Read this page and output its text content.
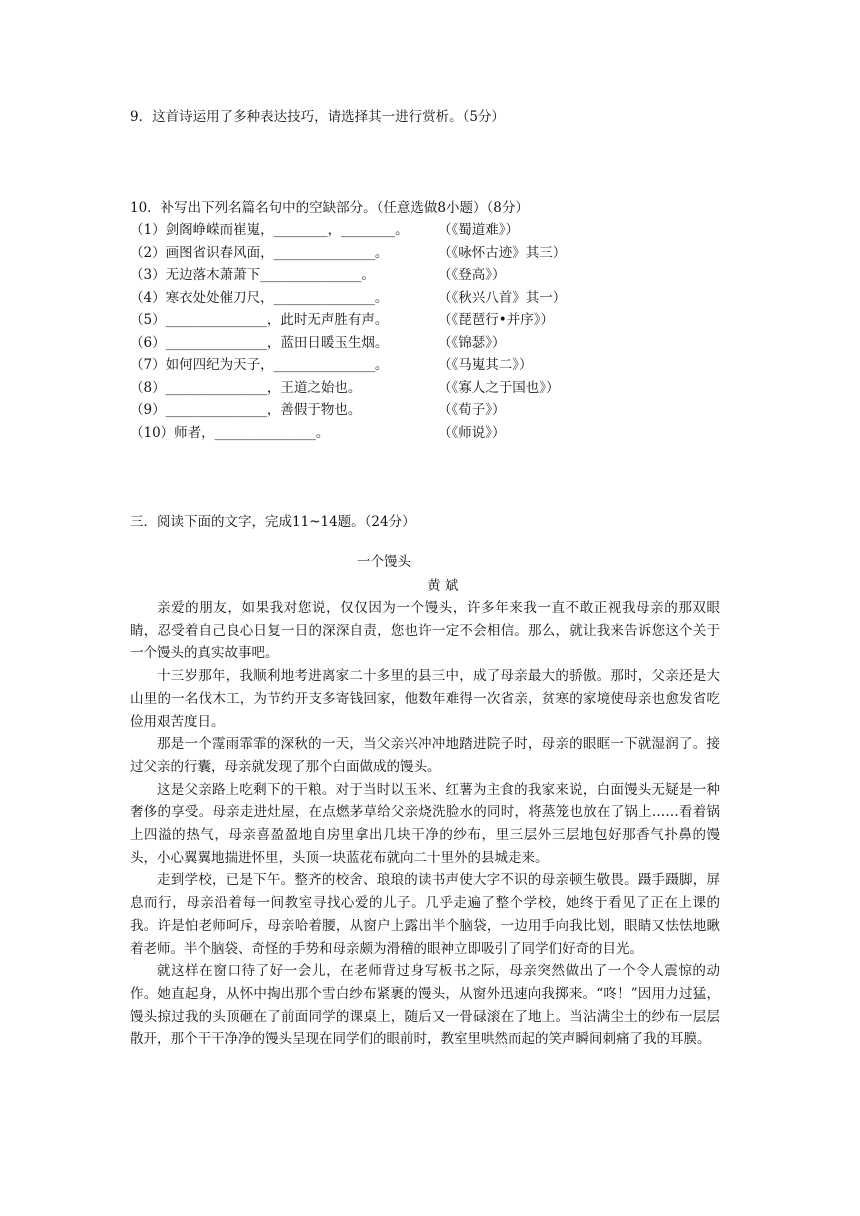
9．这首诗运用了多种表达技巧，请选择其一进行赏析。（5分）
10．补写出下列名篇名句中的空缺部分。（任意选做8小题）（8分）
（1）剑阁峥嵘而崔嵬，________，________。 （《蜀道难》）
（2）画图省识春风面，_______________。	（《咏怀古迹》其三）
（3）无边落木萧萧下_______________。	（《登高》）
（4）寒衣处处催刀尺，_______________。	（《秋兴八首》其一）
（5）_______________，此时无声胜有声。	（《琵琶行•并序》）
（6）_______________，蓝田日暖玉生烟。	（《锦瑟》）
（7）如何四纪为天子，_______________。	（《马嵬其二》）
（8）_______________，王道之始也。	（《寡人之于国也》）
（9）_______________，善假于物也。	（《荀子》）
（10）师者，_______________。	（《师说》）
三．阅读下面的文字，完成11~14题。（24分）
一个馒头
黄 斌

亲爱的朋友，如果我对您说，仅仅因为一个馒头，许多年来我一直不敢正视我母亲的那双眼睛，忍受着自己良心日复一日的深深自责，您也许一定不会相信。那么，就让我来告诉您这个关于一个馒头的真实故事吧。

十三岁那年，我顺利地考进离家二十多里的县三中，成了母亲最大的骄傲。那时，父亲还是大山里的一名伐木工，为节约开支多寄钱回家，他数年难得一次省亲，贫寒的家境使母亲也愈发省吃俭用艰苦度日。

那是一个霪雨霏霏的深秋的一天，当父亲兴冲冲地踏进院子时，母亲的眼眶一下就湿润了。接过父亲的行囊，母亲就发现了那个白面做成的馒头。

这是父亲路上吃剩下的干粮。对于当时以玉米、红薯为主食的我家来说，白面馒头无疑是一种奢侈的享受。母亲走进灶屋，在点燃茅草给父亲烧洗脸水的同时，将蒸笼也放在了锅上……看着锅上四溢的热气，母亲喜盈盈地自房里拿出几块干净的纱布，里三层外三层地包好那香气扑鼻的馒头，小心翼翼地揣进怀里，头顶一块蓝花布就向二十里外的县城走来。

走到学校，已是下午。整齐的校舍、琅琅的读书声使大字不识的母亲顿生敬畏。蹑手蹑脚，屏息而行，母亲沿着每一间教室寻找心爱的儿子。几乎走遍了整个学校，她终于看见了正在上课的我。许是怕老师呵斥，母亲哈着腰，从窗户上露出半个脑袋，一边用手向我比划，眼睛又怯怯地瞅着老师。半个脑袋、奇怪的手势和母亲颇为滑稽的眼神立即吸引了同学们好奇的目光。

就这样在窗口待了好一会儿，在老师背过身写板书之际，母亲突然做出了一个令人震惊的动作。她直起身，从怀中掏出那个雪白纱布紧裹的馒头，从窗外迅速向我掷来。“咚！”因用力过猛，馒头掠过我的头顶砸在了前面同学的课桌上，随后又一骨碌滚在了地上。当沾满尘土的纱布一层层散开，那个干干净净的馒头呈现在同学们的眼前时，教室里哄然而起的笑声瞬间刺痛了我的耳膜。
